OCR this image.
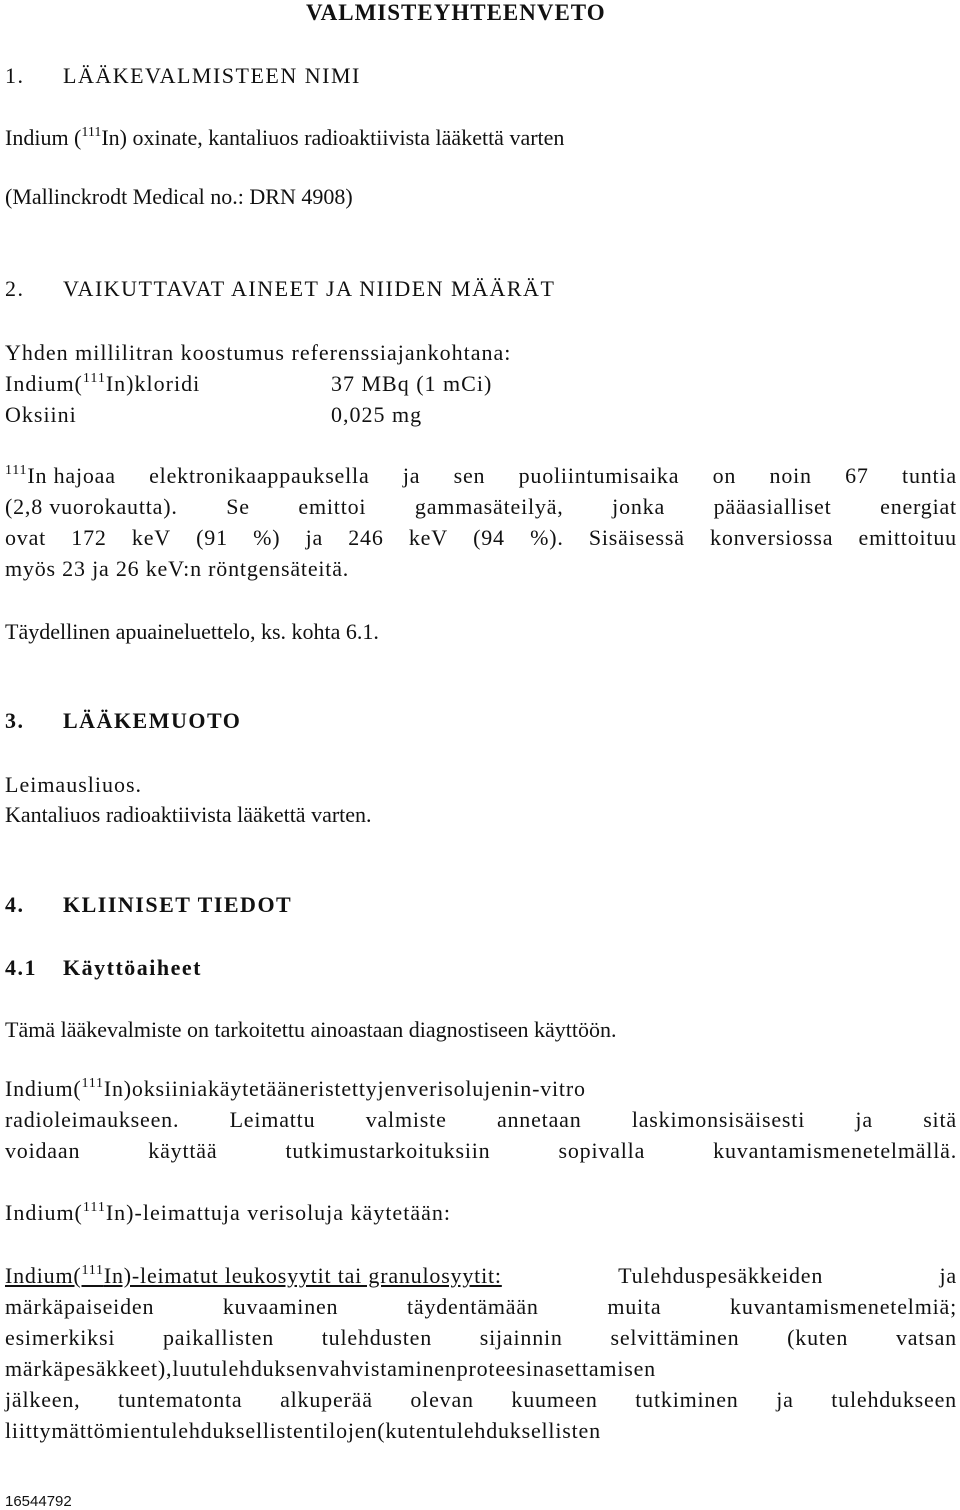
VALMISTEYHTEENVETO
1. LÄÄKEVALMISTEEN NIMI
Indium ($^{111}$In) oxinate, kantaliuos radioaktiivista lääkettä varten
(Mallinckrodt Medical no.: DRN 4908)
2. VAIKUTTAVAT AINEET JA NIIDEN MÄÄRÄT
Yhden millilitran koostumus referenssiajankohtana:
Indium($^{111}$In)kloridi	37 MBq (1 mCi)
Oksiini	0,025 mg
$^{111}$In hajoaa elektronikaappauksella ja sen puoliintumisaika on noin 67 tuntia
(2,8 vuorokautta). Se emittoi gammasäteilyä, jonka pääasialliset energiat
ovat 172 keV (91 %) ja 246 keV (94 %). Sisäisessä konversiossa emittoituu
myös 23 ja 26 keV:n röntgensäteitä.
Täydellinen apuaineluettelo, ks. kohta 6.1.
3. LÄÄKEMUOTO
Leimausliuos.
Kantaliuos radioaktiivista lääkettä varten.
4. KLIINISET TIEDOT
4.1 Käyttöaiheet
Tämä lääkevalmiste on tarkoitettu ainoastaan diagnostiseen käyttöön.
Indium($^{111}$In)oksiinia käytetään eristettyjen verisolujen in-vitro
radioleimaukseen. Leimattu valmiste annetaan laskimonsisäisesti ja sitä
voidaan	käyttää	tutkimustarkoituksiin	sopivalla	kuvantamismenetelmällä.
Indium($^{111}$In)-leimattuja verisoluja käytetään:
Indium($^{111}$In)-leimatut leukosyytit tai granulosyytit:	Tulehduspesäkkeiden	ja
märkäpaiseiden	kuvaaminen	täydentämään	muita	kuvantamismenetelmiä;
esimerkiksi paikallisten tulehdusten sijainnin selvittäminen (kuten vatsan
märkäpesäkkeet), luutulehduksen vahvistaminen proteesin asettamisen
jälkeen, tuntematonta alkuperää olevan kuumeen tutkiminen ja tulehdukseen
liittymättömien tulehduksellisten tilojen (kuten tulehduksellisten
16544792
